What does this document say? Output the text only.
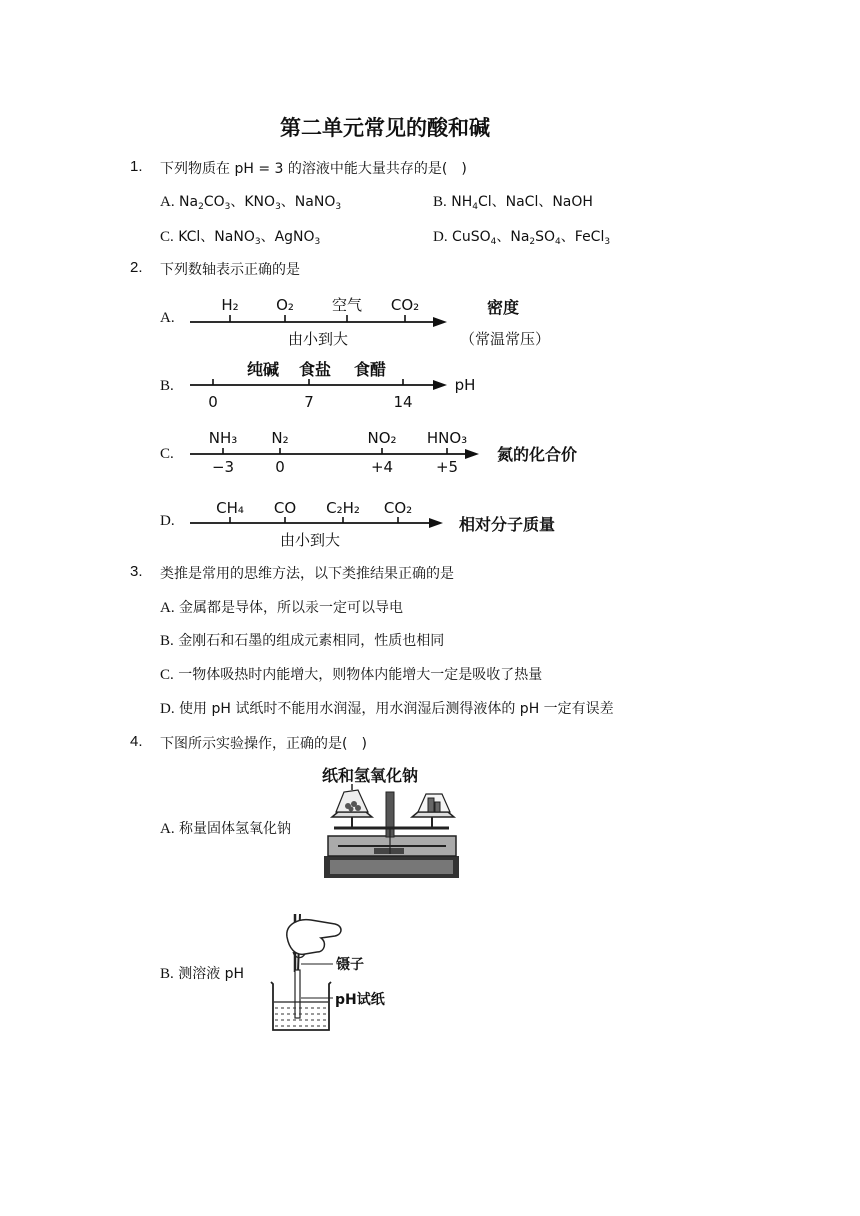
第二单元常见的酸和碱
1. 下列物质在 pH = 3 的溶液中能大量共存的是(　)
A. $Na_2CO_3$、$KNO_3$、NaNO$_3$	B. $NH_4Cl$、NaCl、NaOH
C. KCl、NaNO$_3$、AgNO$_3$	D. CuSO$_4$、$Na_2SO_4$、FeCl$_3$
2. 下列数轴表示正确的是
A.
H₂ O₂	空气 CO₂
由小到大
密度
（常温常压）
B.
纯碱 食盐 食醋
0	7	14
pH
C.
NH₃ N₂	NO₂ HNO₃
−3	0	+4	+5
氮的化合价
D.
CH₄ CO C₂H₂ CO₂
由小到大
相对分子质量
3. 类推是常用的思维方法，以下类推结果正确的是
A. 金属都是导体，所以汞一定可以导电
B. 金刚石和石墨的组成元素相同，性质也相同
C. 一物体吸热时内能增大，则物体内能增大一定是吸收了热量
D. 使用 pH 试纸时不能用水润湿，用水润湿后测得液体的 pH 一定有误差
4. 下图所示实验操作，正确的是(　)
A. 称量固体氢氧化钠
纸和氢氧化钠
B. 测溶液 pH
镊子
pH试纸
